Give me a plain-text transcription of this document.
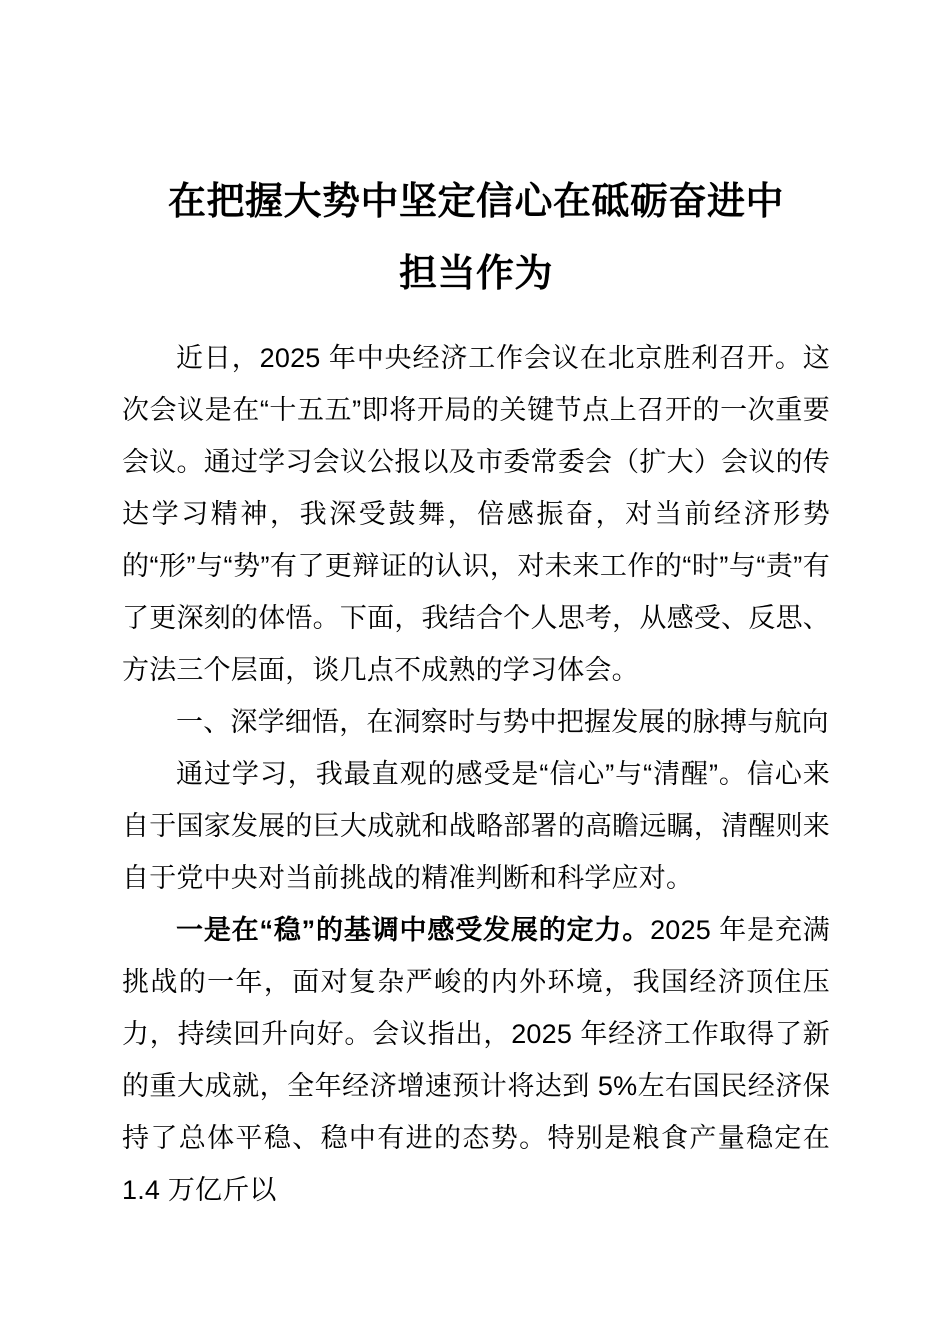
在把握大势中坚定信心在砥砺奋进中
担当作为

近日，2025 年中央经济工作会议在北京胜利召开。这次会议是在“十五五”即将开局的关键节点上召开的一次重要会议。通过学习会议公报以及市委常委会（扩大）会议的传达学习精神，我深受鼓舞，倍感振奋，对当前经济形势的“形”与“势”有了更辩证的认识，对未来工作的“时”与“责”有了更深刻的体悟。下面，我结合个人思考，从感受、反思、方法三个层面，谈几点不成熟的学习体会。

一、深学细悟，在洞察时与势中把握发展的脉搏与航向

通过学习，我最直观的感受是“信心”与“清醒”。信心来自于国家发展的巨大成就和战略部署的高瞻远瞩，清醒则来自于党中央对当前挑战的精准判断和科学应对。

一是在“稳”的基调中感受发展的定力。2025 年是充满挑战的一年，面对复杂严峻的内外环境，我国经济顶住压力，持续回升向好。会议指出，2025 年经济工作取得了新的重大成就，全年经济增速预计将达到 5%左右国民经济保持了总体平稳、稳中有进的态势。特别是粮食产量稳定在 1.4 万亿斤以
